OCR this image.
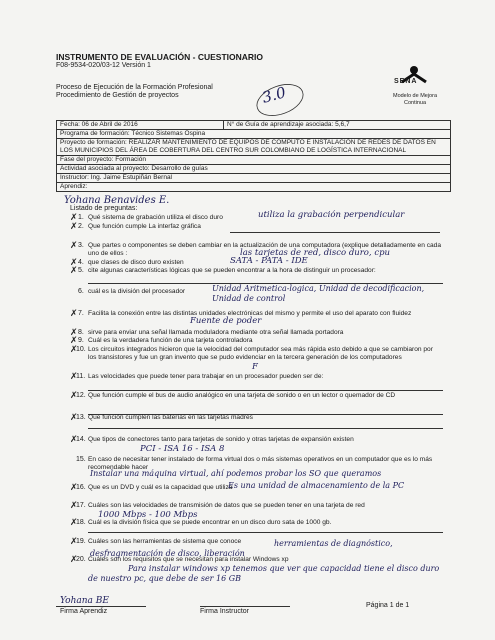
INSTRUMENTO DE EVALUACIÓN - CUESTIONARIO
F08-9534-020/03-12 Versión 1
Proceso de Ejecución de la Formación Profesional
Procedimiento de Gestión de proyectos	3.0
SENA
Modelo de Mejora Continua
Fecha: 06 de Abril de 2016	N° de Guía de aprendizaje asociada: 5,6,7
Programa de formación: Técnico Sistemas Ospina
Proyecto de formación: REALIZAR MANTENIMIENTO DE EQUIPOS DE COMPUTO E INSTALACIÓN DE REDES DE DATOS EN LOS MUNICIPIOS DEL ÁREA DE COBERTURA DEL CENTRO SUR COLOMBIANO DE LOGÍSTICA INTERNACIONAL
Fase del proyecto: Formación
Actividad asociada al proyecto: Desarrollo de guías
Instructor: Ing. Jaime Estupiñán Bernal
Aprendiz:
Yohana Benavides E.
Listado de preguntas:
✗ 1. Qué sistema de grabación utiliza el disco duro	utiliza la grabación perpendicular
✗ 2. Que función cumple La interfaz gráfica
✗ 3. Que partes o componentes se deben cambiar en la actualización de una computadora (explique detalladamente en cada uno de ellos :	las tarjetas de red, disco duro, cpu
✗ 4. que clases de disco duro existen	SATA - PATA - IDE
✗ 5. cite algunas características lógicas que se pueden encontrar a la hora de distinguir un procesador:
6. cuál es la división del procesador	Unidad Aritmetica-logica, Unidad de decodificacion, Unidad de control
✗ 7. Facilita la conexión entre las distintas unidades electrónicas del mismo y permite el uso del aparato con fluidez
Fuente de poder
✗ 8. sirve para enviar una señal llamada moduladora mediante otra señal llamada portadora
✗ 9. Cuál es la verdadera función de una tarjeta controladora
✗
10. Los circuitos integrados hicieron que la velocidad del computador sea más rápida esto debido a que se cambiaron por los transistores y fue un gran invento que se pudo evidenciar en la tercera generación de los computadores
F
✗
11. Las velocidades que puede tener para trabajar en un procesador pueden ser de:
✗
12. Que función cumple el bus de audio analógico en una tarjeta de sonido o en un lector o quemador de CD
✗
13. Que función cumplen las baterías en las tarjetas madres
✗
14. Que tipos de conectores tanto para tarjetas de sonido y otras tarjetas de expansión existen
PCI - ISA 16 - ISA 8
15. En caso de necesitar tener instalado de forma virtual dos o más sistemas operativos en un computador que es lo más recomendable hacer
Instalar una máquina virtual, ahí podemos probar los SO que queramos
✗
16. Que es un DVD y cuál es la capacidad que utiliza
Es una unidad de almacenamiento de la PC
✗
17. Cuáles son las velocidades de transmisión de datos que se pueden tener en una tarjeta de red
1000 Mbps - 100 Mbps
✗
18. Cuál es la división física que se puede encontrar en un disco duro sata de 1000 gb.
✗
19. Cuáles son las herramientas de sistema que conoce	herramientas de diagnóstico, desfragmentación de disco, liberación
✗
20. Cuáles son los requisitos que se necesitan para instalar Windows xp
Para instalar windows xp tenemos que ver que capacidad tiene el disco duro de nuestro pc, que debe de ser 16 GB
Yohana BE
Firma Aprendiz	Firma Instructor
Página 1 de 1
